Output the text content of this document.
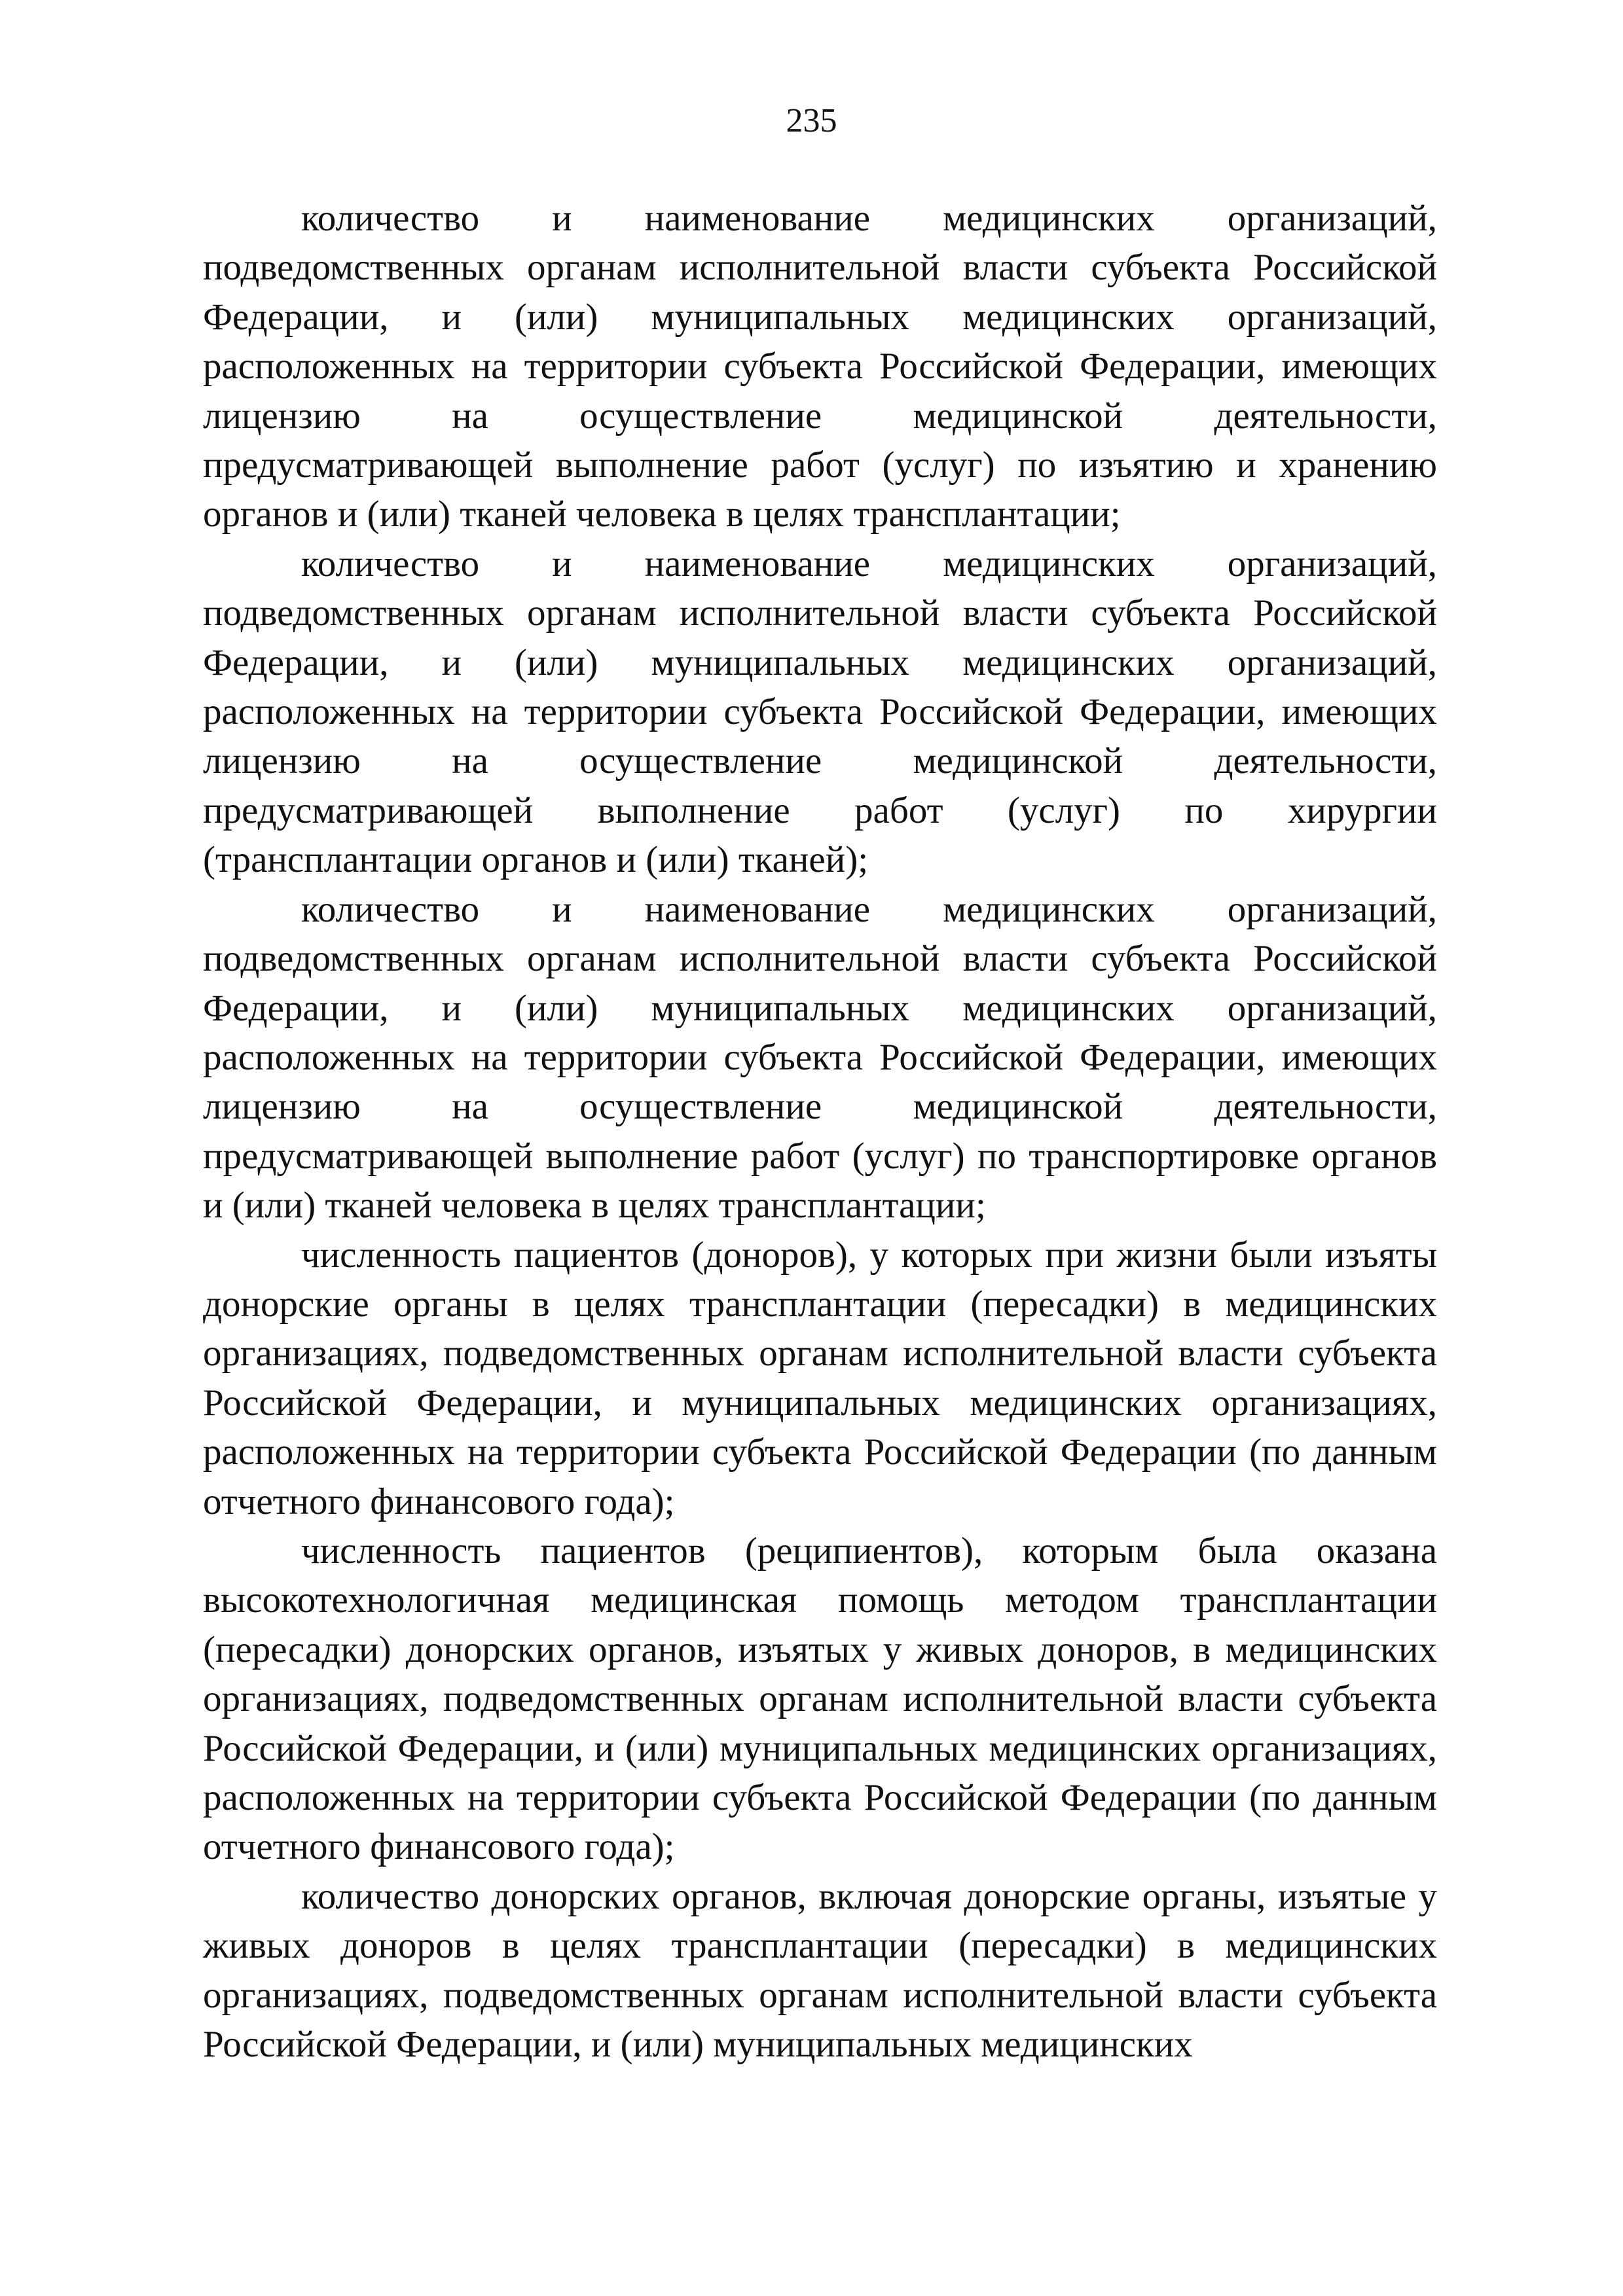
235

количество и наименование медицинских организаций, подведомственных органам исполнительной власти субъекта Российской Федерации, и (или) муниципальных медицинских организаций, расположенных на территории субъекта Российской Федерации, имеющих лицензию на осуществление медицинской деятельности, предусматривающей выполнение работ (услуг) по изъятию и хранению органов и (или) тканей человека в целях трансплантации;

количество и наименование медицинских организаций, подведомственных органам исполнительной власти субъекта Российской Федерации, и (или) муниципальных медицинских организаций, расположенных на территории субъекта Российской Федерации, имеющих лицензию на осуществление медицинской деятельности, предусматривающей выполнение работ (услуг) по хирургии (трансплантации органов и (или) тканей);

количество и наименование медицинских организаций, подведомственных органам исполнительной власти субъекта Российской Федерации, и (или) муниципальных медицинских организаций, расположенных на территории субъекта Российской Федерации, имеющих лицензию на осуществление медицинской деятельности, предусматривающей выполнение работ (услуг) по транспортировке органов и (или) тканей человека в целях трансплантации;

численность пациентов (доноров), у которых при жизни были изъяты донорские органы в целях трансплантации (пересадки) в медицинских организациях, подведомственных органам исполнительной власти субъекта Российской Федерации, и муниципальных медицинских организациях, расположенных на территории субъекта Российской Федерации (по данным отчетного финансового года);

численность пациентов (реципиентов), которым была оказана высокотехнологичная медицинская помощь методом трансплантации (пересадки) донорских органов, изъятых у живых доноров, в медицинских организациях, подведомственных органам исполнительной власти субъекта Российской Федерации, и (или) муниципальных медицинских организациях, расположенных на территории субъекта Российской Федерации (по данным отчетного финансового года);

количество донорских органов, включая донорские органы, изъятые у живых доноров в целях трансплантации (пересадки) в медицинских организациях, подведомственных органам исполнительной власти субъекта Российской Федерации, и (или) муниципальных медицинских
